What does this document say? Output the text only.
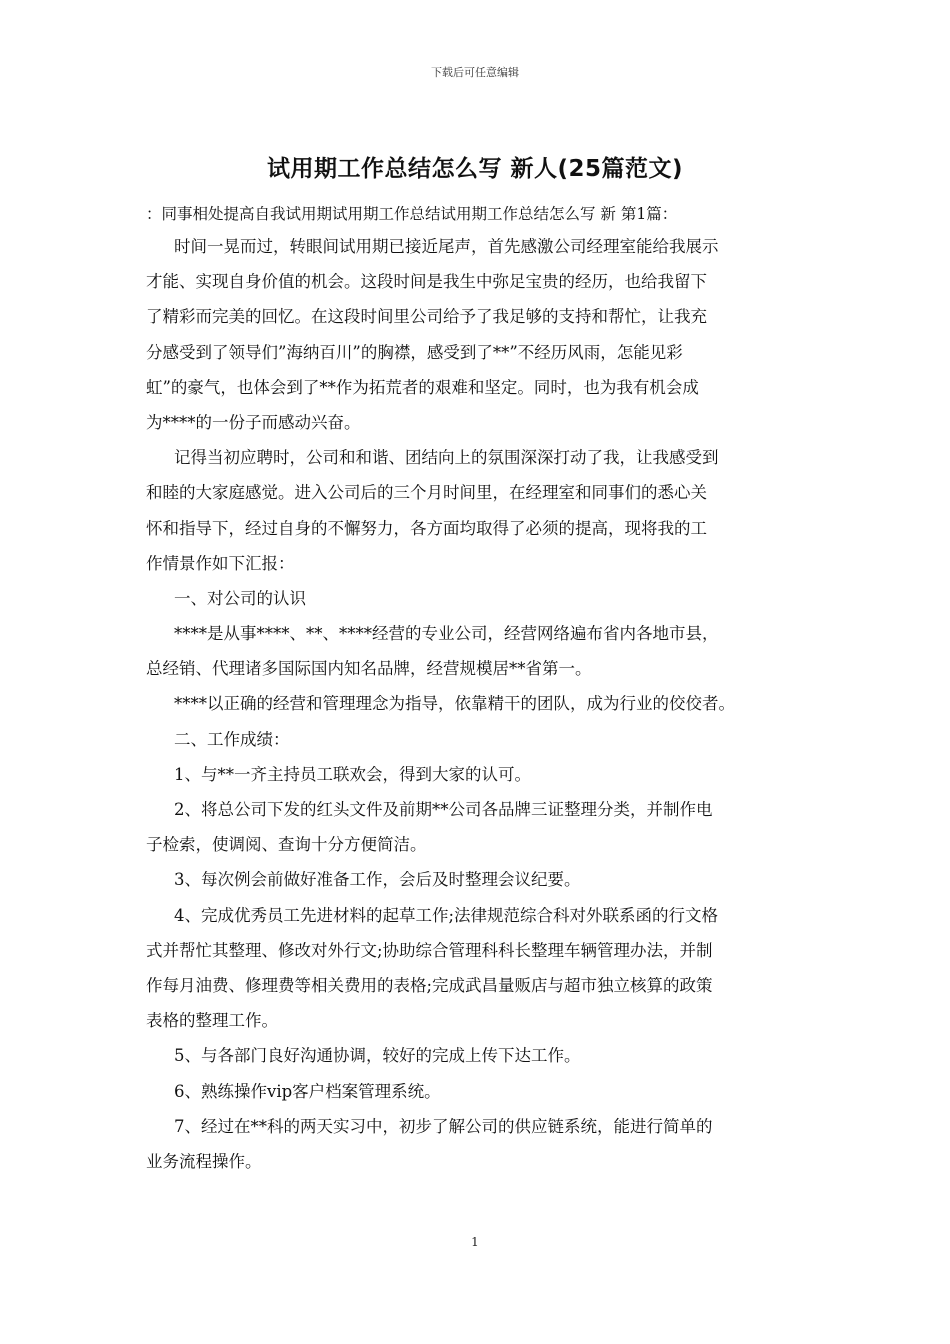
下载后可任意编辑
试用期工作总结怎么写 新人(25篇范文)
：同事相处提高自我试用期试用期工作总结试用期工作总结怎么写 新 第1篇：
时间一晃而过，转眼间试用期已接近尾声，首先感激公司经理室能给我展示
才能、实现自身价值的机会。这段时间是我生中弥足宝贵的经历，也给我留下
了精彩而完美的回忆。在这段时间里公司给予了我足够的支持和帮忙，让我充
分感受到了领导们”海纳百川”的胸襟，感受到了**”不经历风雨，怎能见彩
虹”的豪气，也体会到了**作为拓荒者的艰难和坚定。同时，也为我有机会成
为****的一份子而感动兴奋。
记得当初应聘时，公司和和谐、团结向上的氛围深深打动了我，让我感受到
和睦的大家庭感觉。进入公司后的三个月时间里，在经理室和同事们的悉心关
怀和指导下，经过自身的不懈努力，各方面均取得了必须的提高，现将我的工
作情景作如下汇报：
一、对公司的认识
****是从事****、**、****经营的专业公司，经营网络遍布省内各地市县，
总经销、代理诸多国际国内知名品牌，经营规模居**省第一。
****以正确的经营和管理理念为指导，依靠精干的团队，成为行业的佼佼者。
二、工作成绩：
1、与**一齐主持员工联欢会，得到大家的认可。
2、将总公司下发的红头文件及前期**公司各品牌三证整理分类，并制作电
子检索，使调阅、查询十分方便简洁。
3、每次例会前做好准备工作，会后及时整理会议纪要。
4、完成优秀员工先进材料的起草工作;法律规范综合科对外联系函的行文格
式并帮忙其整理、修改对外行文;协助综合管理科科长整理车辆管理办法，并制
作每月油费、修理费等相关费用的表格;完成武昌量贩店与超市独立核算的政策
表格的整理工作。
5、与各部门良好沟通协调，较好的完成上传下达工作。
6、熟练操作vip客户档案管理系统。
7、经过在**科的两天实习中，初步了解公司的供应链系统，能进行简单的
业务流程操作。
1
